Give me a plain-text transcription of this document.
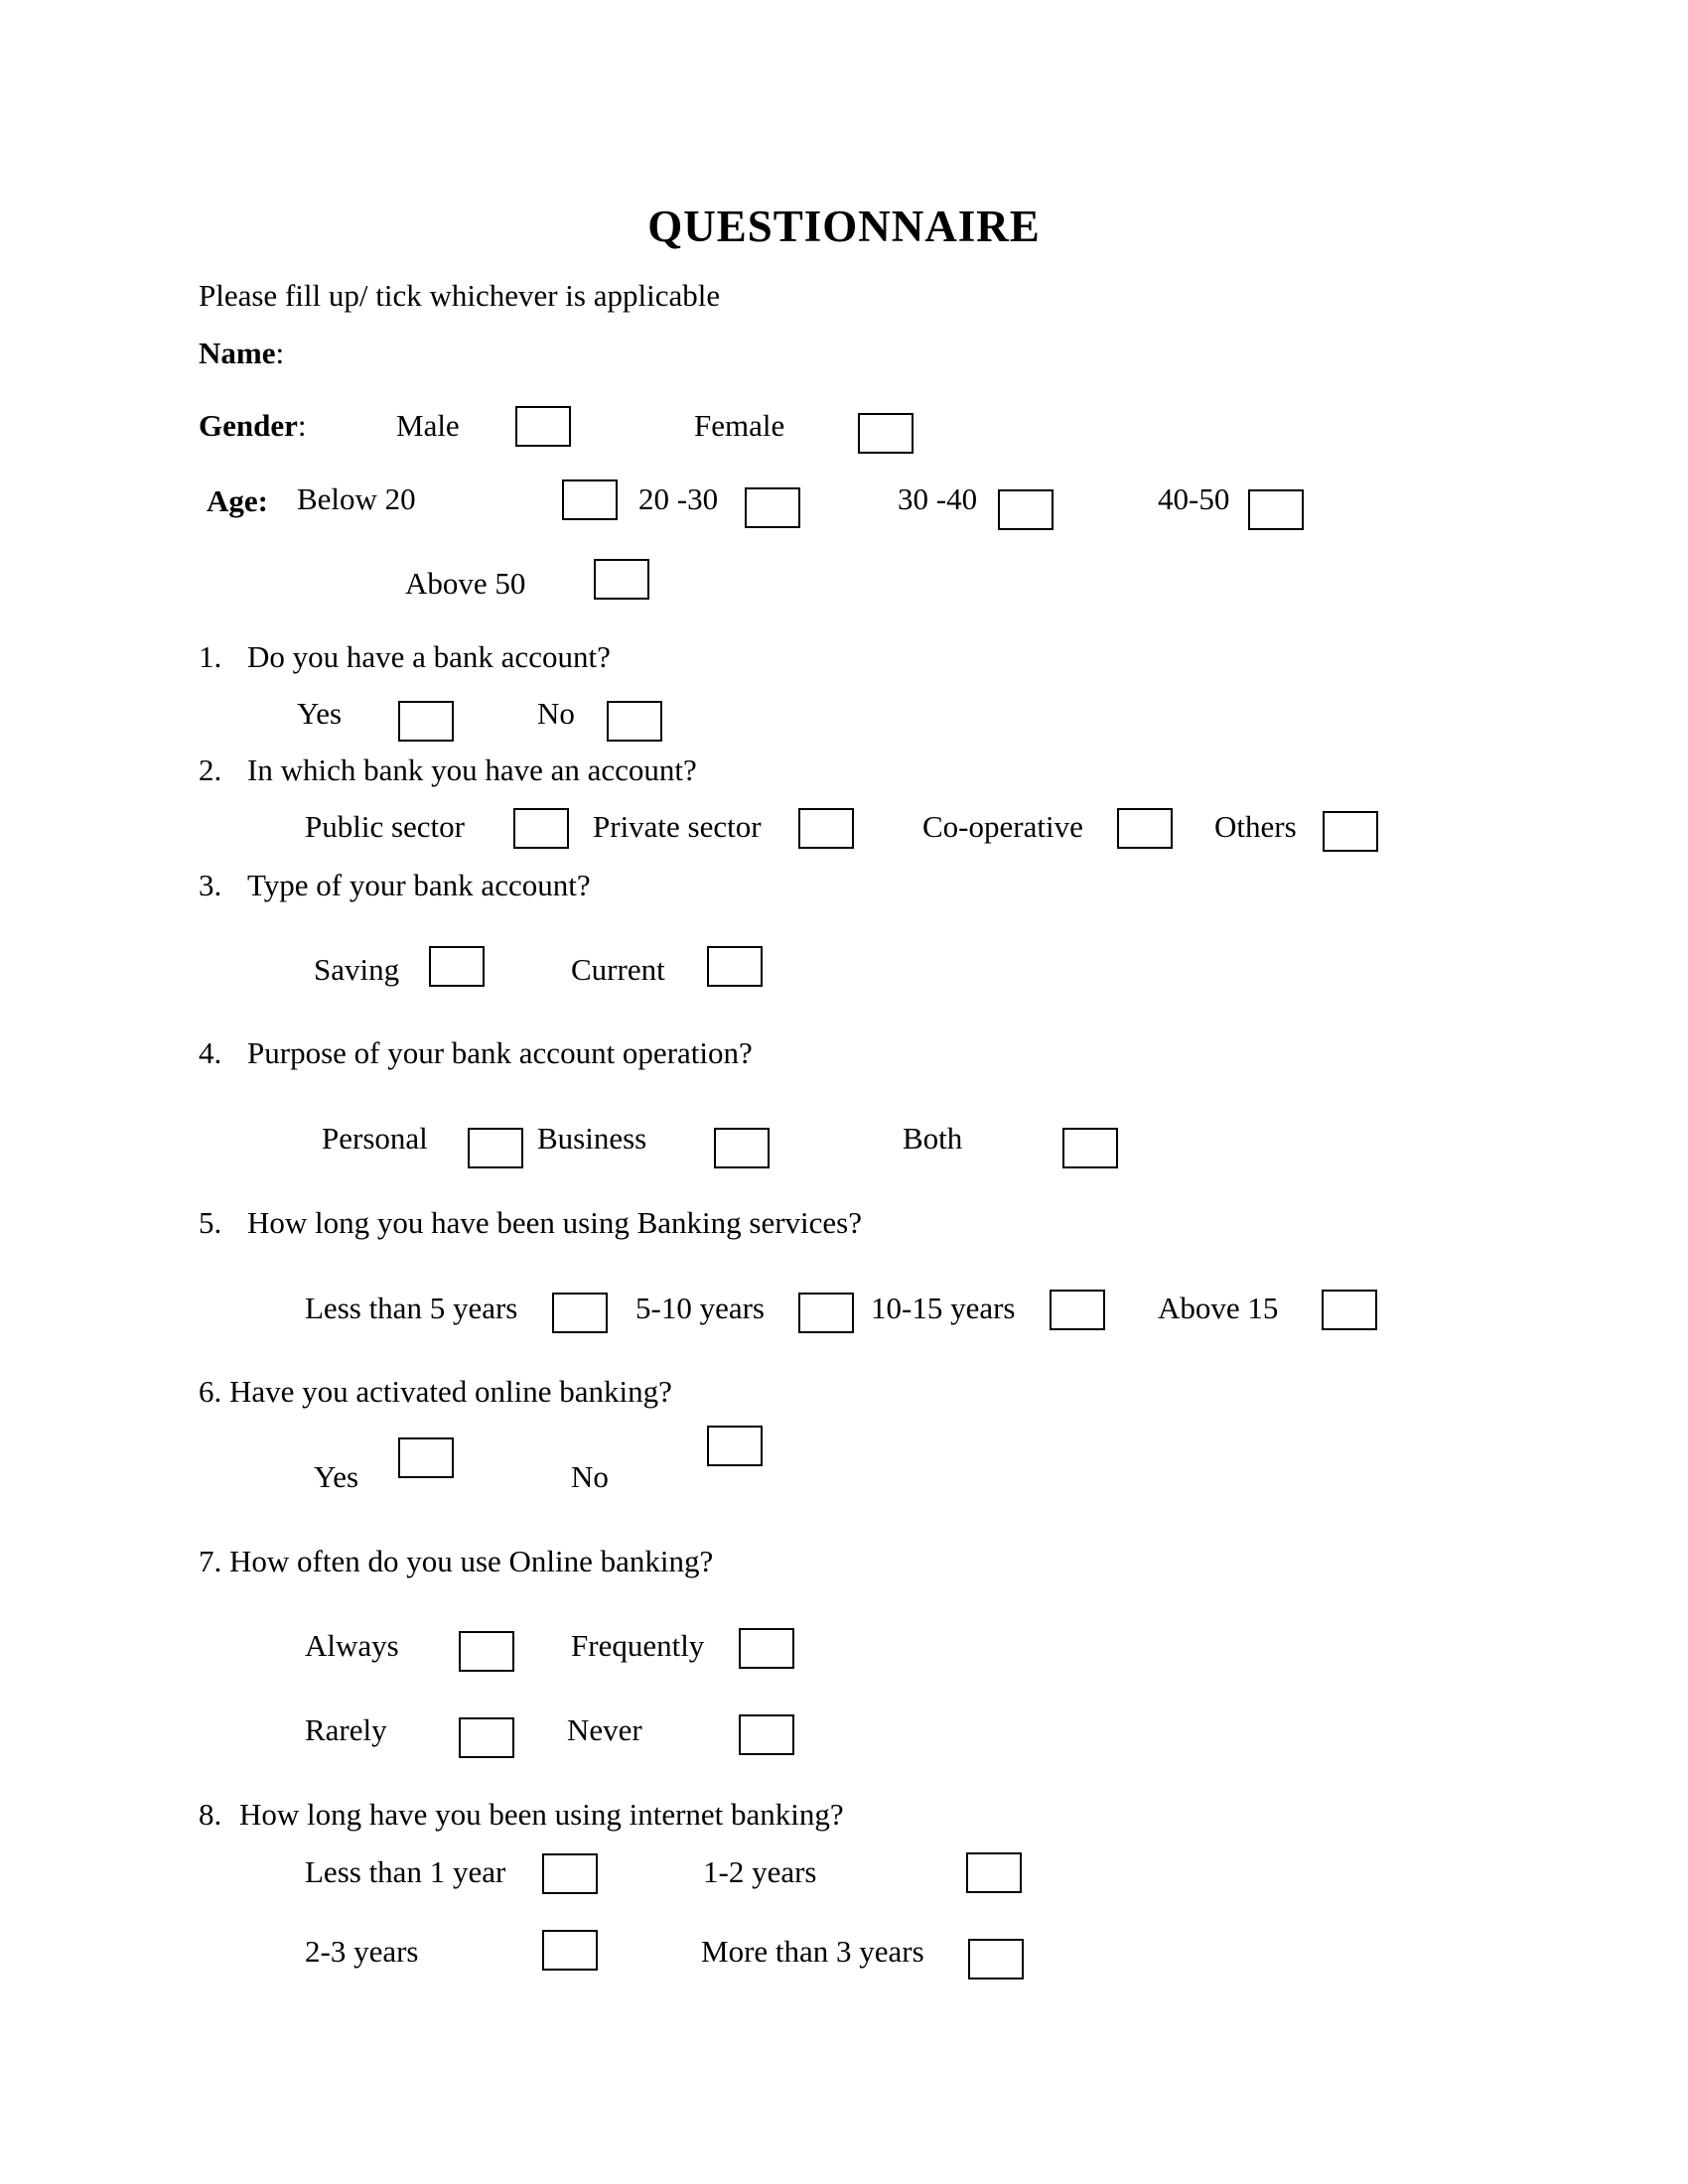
QUESTIONNAIRE
Please fill up/ tick whichever is applicable
Name:
Gender:	Male	Female
Age: Below 20	20 -30	30 -40	40-50
Above 50
1. Do you have a bank account?
Yes	No
2. In which bank you have an account?
Public sector	Private sector	Co-operative	Others
3. Type of your bank account?
Saving	Current
4. Purpose of your bank account operation?
Personal	Business	Both
5. How long you have been using Banking services?
Less than 5 years	5-10 years	10-15 years	Above 15
6. Have you activated online banking?
Yes	No
7. How often do you use Online banking?
Always	Frequently
Rarely	Never
8. How long have you been using internet banking?
Less than 1 year	1-2 years
2-3 years	More than 3 years
